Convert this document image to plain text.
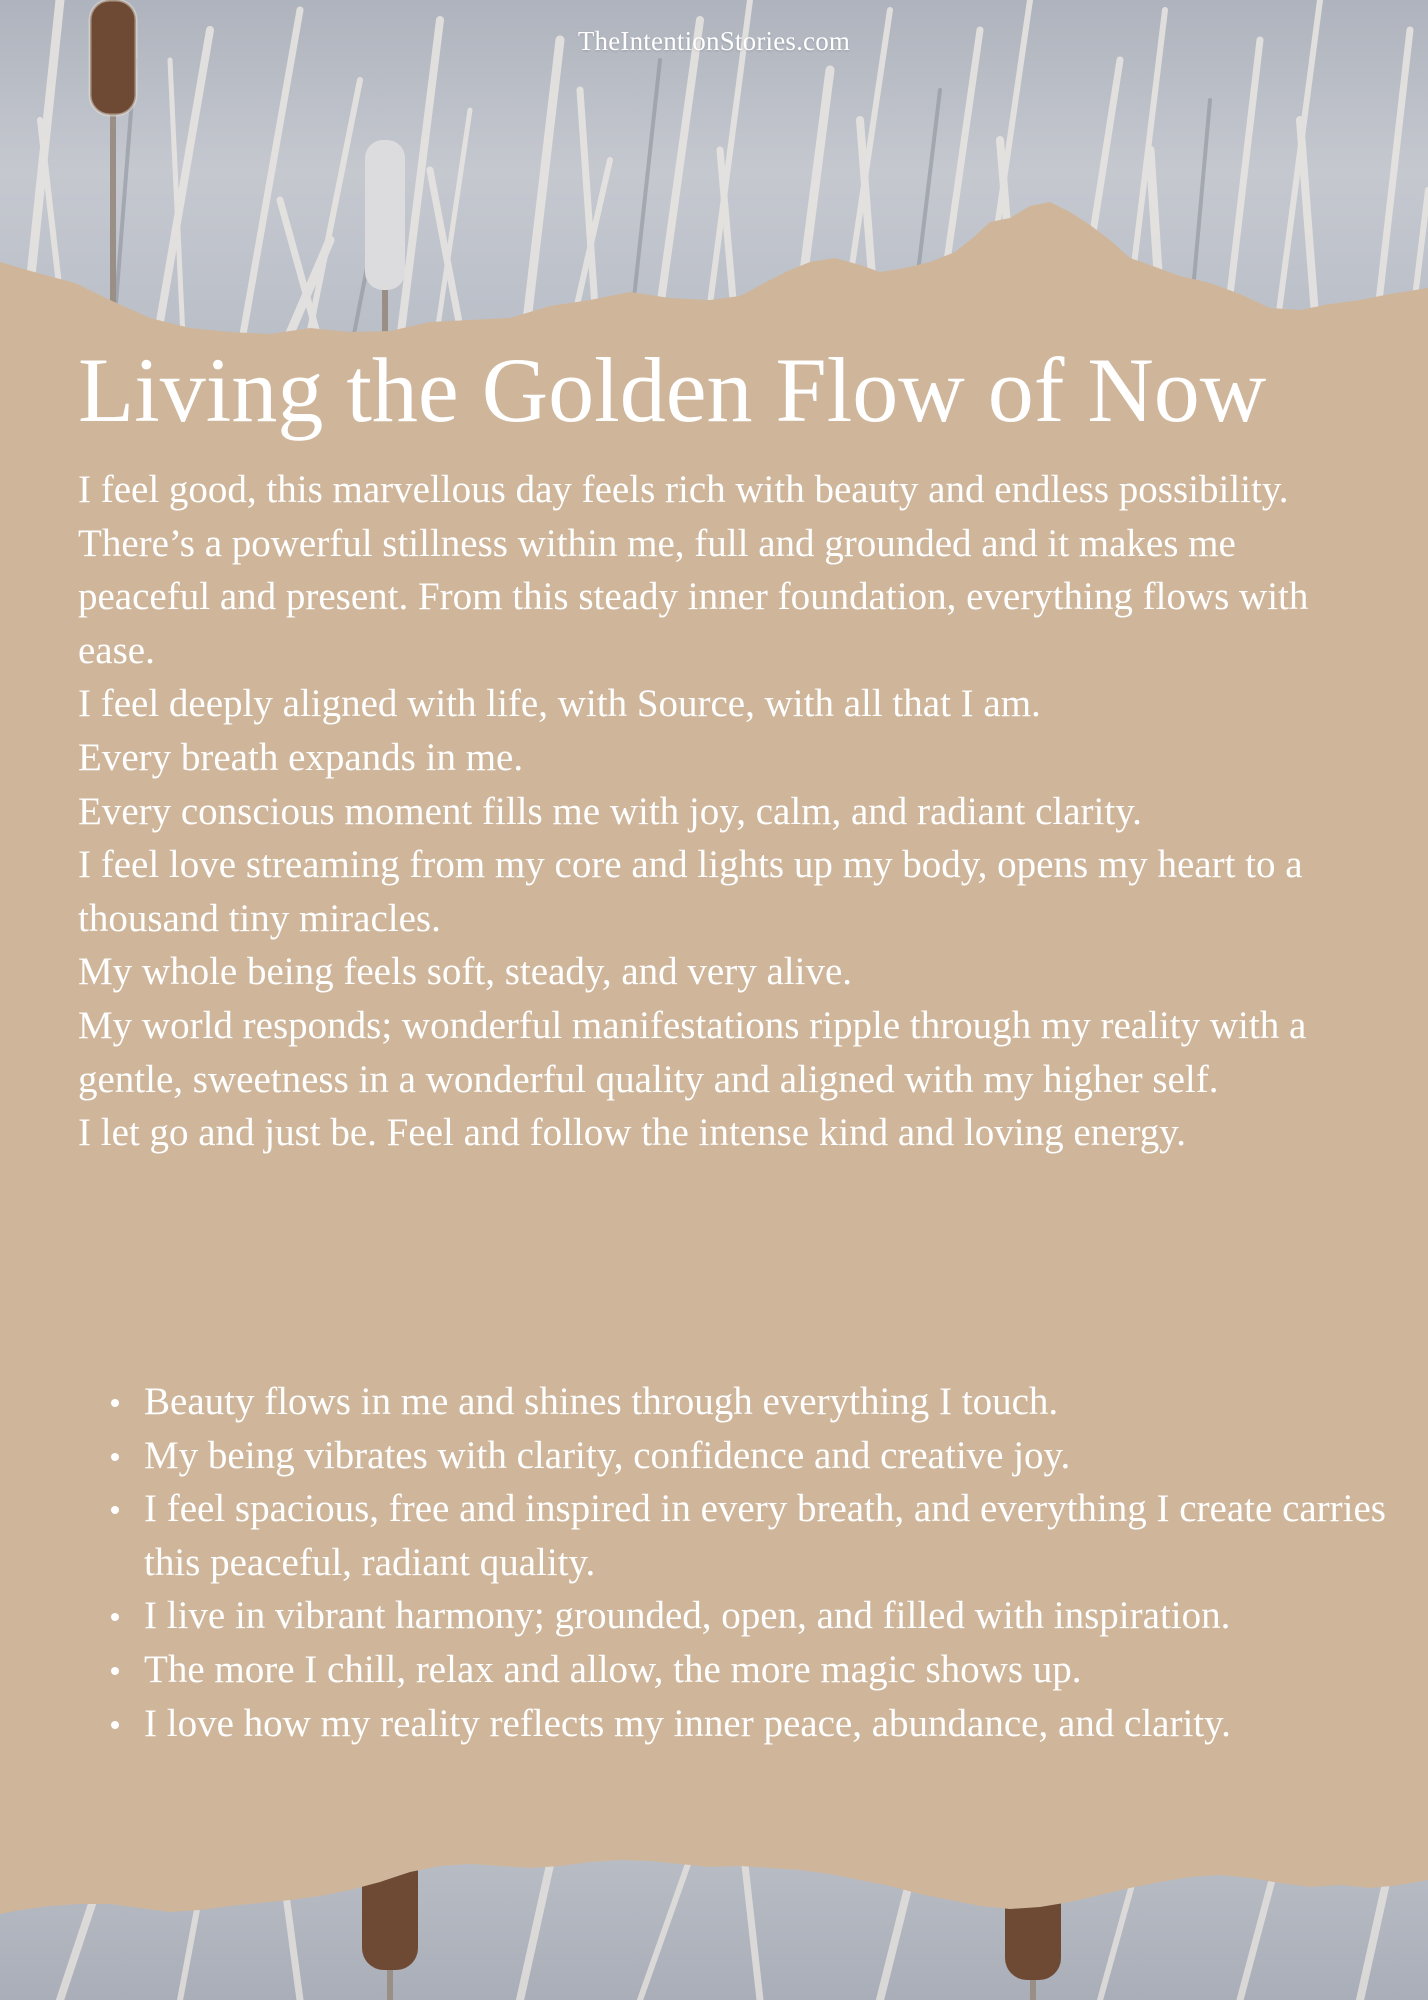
TheIntentionStories.com
Living the Golden Flow of Now

I feel good, this marvellous day feels rich with beauty and endless possibility.

There’s a powerful stillness within me, full and grounded and it makes me peaceful and present. From this steady inner foundation, everything flows with ease.

I feel deeply aligned with life, with Source, with all that I am.

Every breath expands in me.

Every conscious moment fills me with joy, calm, and radiant clarity.

I feel love streaming from my core and lights up my body, opens my heart to a thousand tiny miracles.

My whole being feels soft, steady, and very alive.

My world responds; wonderful manifestations ripple through my reality with a gentle, sweetness in a wonderful quality and aligned with my higher self.

I let go and just be. Feel and follow the intense kind and loving energy.

Beauty flows in me and shines through everything I touch.
My being vibrates with clarity, confidence and creative joy.
I feel spacious, free and inspired in every breath, and everything I create carries this peaceful, radiant quality.
I live in vibrant harmony; grounded, open, and filled with inspiration.
The more I chill, relax and allow, the more magic shows up.
I love how my reality reflects my inner peace, abundance, and clarity.
